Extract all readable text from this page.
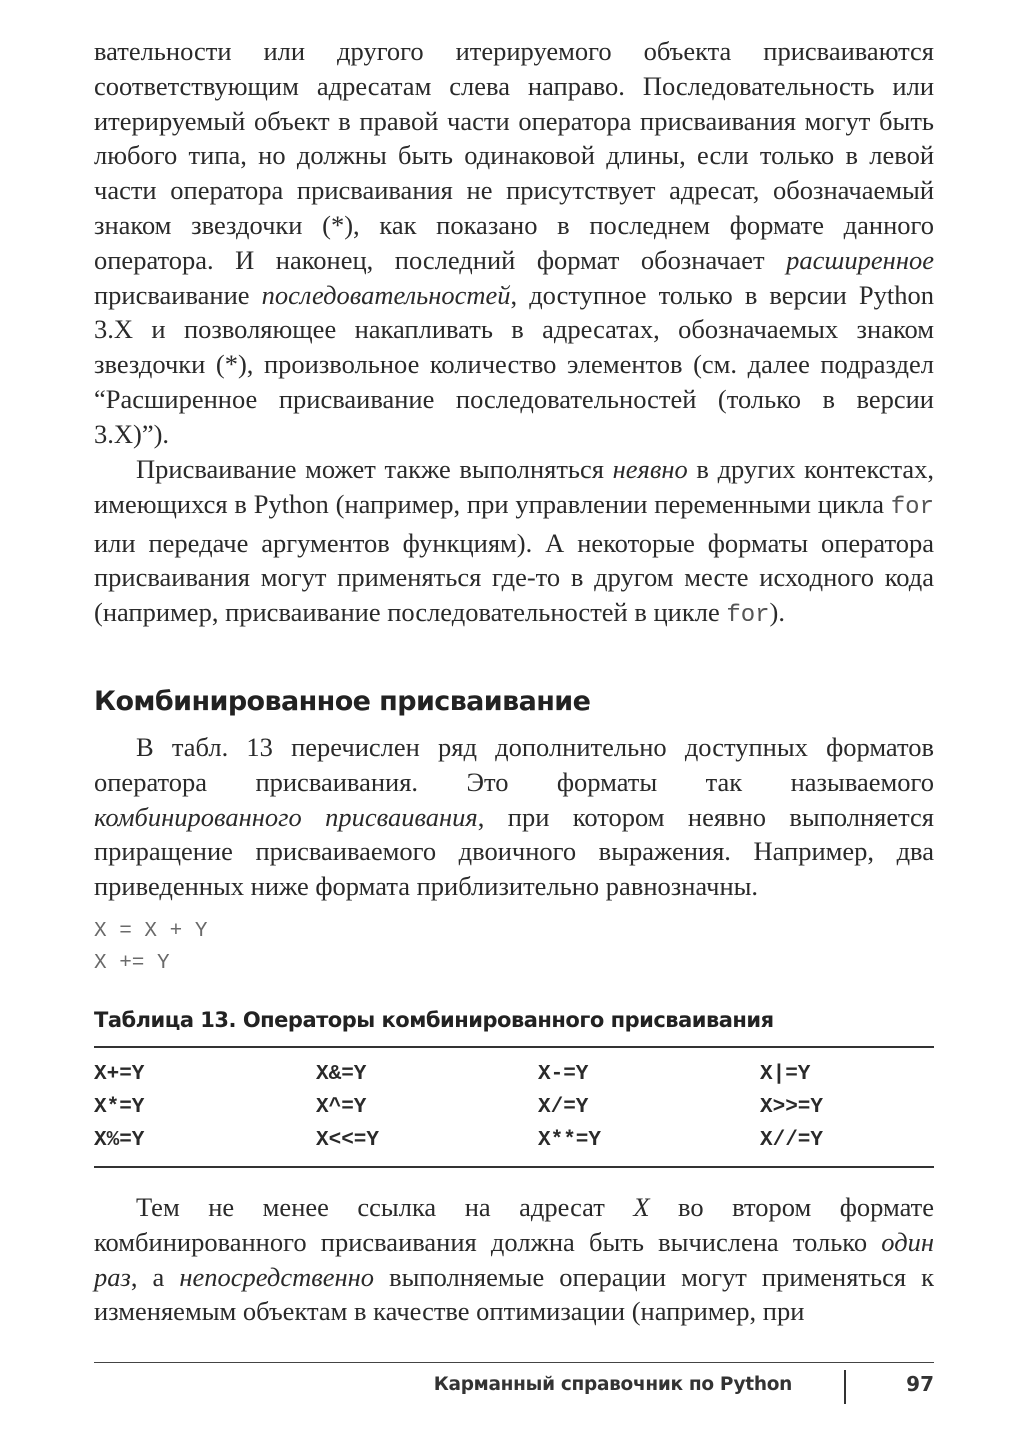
вательности или другого итерируемого объекта присваиваются соответствующим адресатам слева направо. Последовательность или итерируемый объект в правой части оператора присваивания могут быть любого типа, но должны быть одинаковой длины, если только в левой части оператора присваивания не присутствует адресат, обозначаемый знаком звездочки (*), как показано в последнем формате данного оператора. И наконец, последний формат обозначает расширенное присваивание последовательностей, доступное только в версии Python 3.X и позволяющее накапливать в адресатах, обозначаемых знаком звездочки (*), произвольное количество элементов (см. далее подраздел “Расширенное присваивание последовательностей (только в версии 3.X)”).

Присваивание может также выполняться неявно в других контекстах, имеющихся в Python (например, при управлении переменными цикла for или передаче аргументов функциям). А некоторые форматы оператора присваивания могут применяться где-то в другом месте исходного кода (например, присваивание последовательностей в цикле for).

Комбинированное присваивание

В табл. 13 перечислен ряд дополнительно доступных форматов оператора присваивания. Это форматы так называемого комбинированного присваивания, при котором неявно выполняется приращение присваиваемого двоичного выражения. Например, два приведенных ниже формата приблизительно равнозначны.

X = X + Y
X += Y

Таблица 13. Операторы комбинированного присваивания

X+=Y	X&=Y	X-=Y	X|=Y
X*=Y	X^=Y	X/=Y	X>>=Y
X%=Y	X<<=Y	X**=Y	X//=Y

Тем не менее ссылка на адресат X во втором формате комбинированного присваивания должна быть вычислена только один раз, а непосредственно выполняемые операции могут применяться к изменяемым объектам в качестве оптимизации (например, при

Карманный справочник по Python	97
